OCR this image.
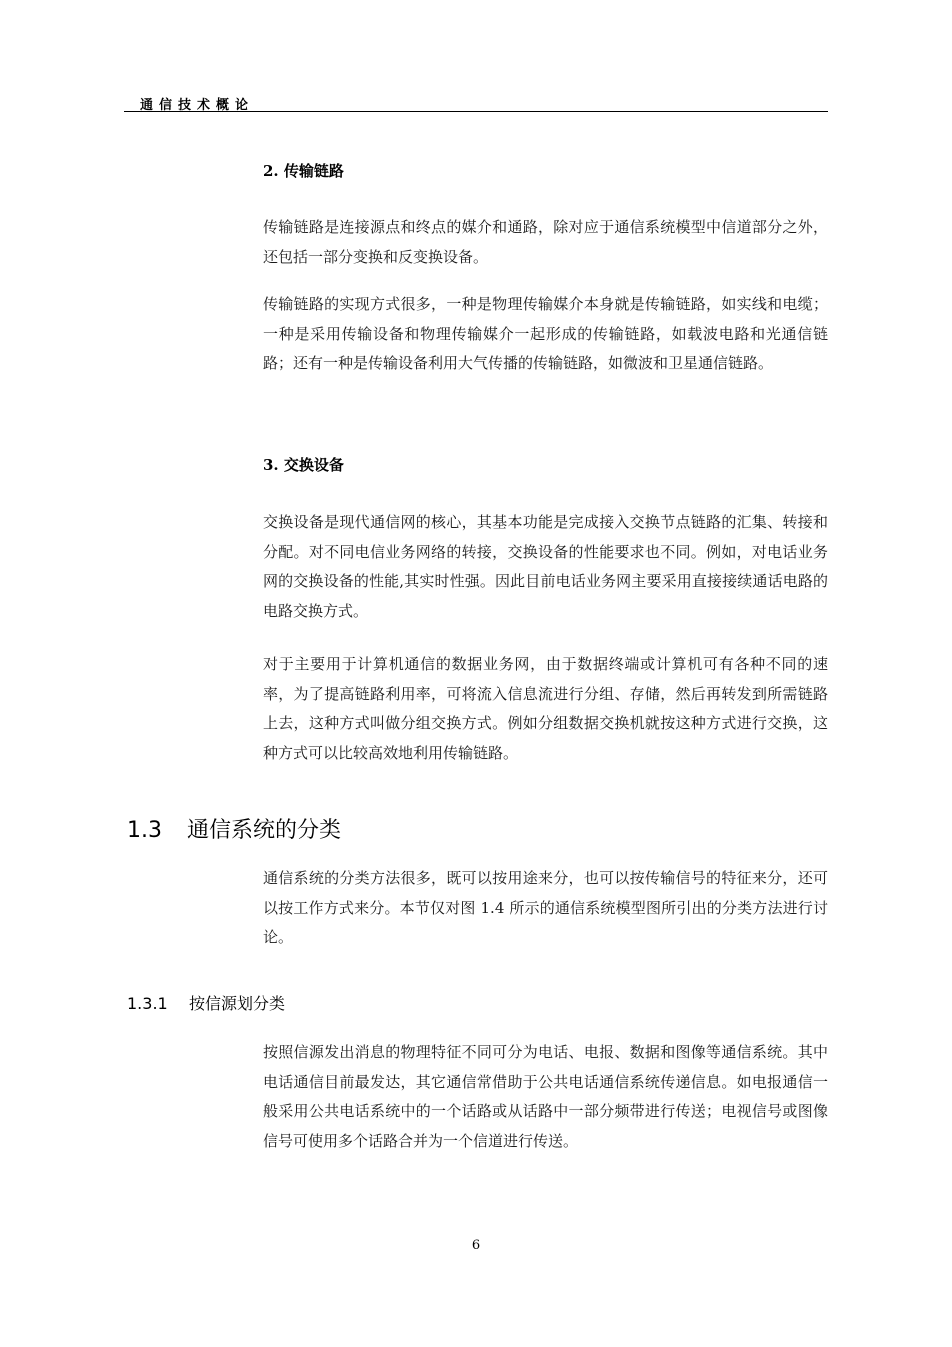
通信技术概论
2. 传输链路

传输链路是连接源点和终点的媒介和通路，除对应于通信系统模型中信道部分之外，还包括一部分变换和反变换设备。

传输链路的实现方式很多，一种是物理传输媒介本身就是传输链路，如实线和电缆；一种是采用传输设备和物理传输媒介一起形成的传输链路，如载波电路和光通信链路；还有一种是传输设备利用大气传播的传输链路，如微波和卫星通信链路。

3. 交换设备

交换设备是现代通信网的核心，其基本功能是完成接入交换节点链路的汇集、转接和分配。对不同电信业务网络的转接，交换设备的性能要求也不同。例如，对电话业务网的交换设备的性能,其实时性强。因此目前电话业务网主要采用直接接续通话电路的电路交换方式。

对于主要用于计算机通信的数据业务网，由于数据终端或计算机可有各种不同的速率，为了提高链路利用率，可将流入信息流进行分组、存储，然后再转发到所需链路上去，这种方式叫做分组交换方式。例如分组数据交换机就按这种方式进行交换，这种方式可以比较高效地利用传输链路。

1.3 通信系统的分类

通信系统的分类方法很多，既可以按用途来分，也可以按传输信号的特征来分，还可以按工作方式来分。本节仅对图 1.4 所示的通信系统模型图所引出的分类方法进行讨论。

1.3.1 按信源划分类

按照信源发出消息的物理特征不同可分为电话、电报、数据和图像等通信系统。其中电话通信目前最发达，其它通信常借助于公共电话通信系统传递信息。如电报通信一般采用公共电话系统中的一个话路或从话路中一部分频带进行传送；电视信号或图像信号可使用多个话路合并为一个信道进行传送。

6
